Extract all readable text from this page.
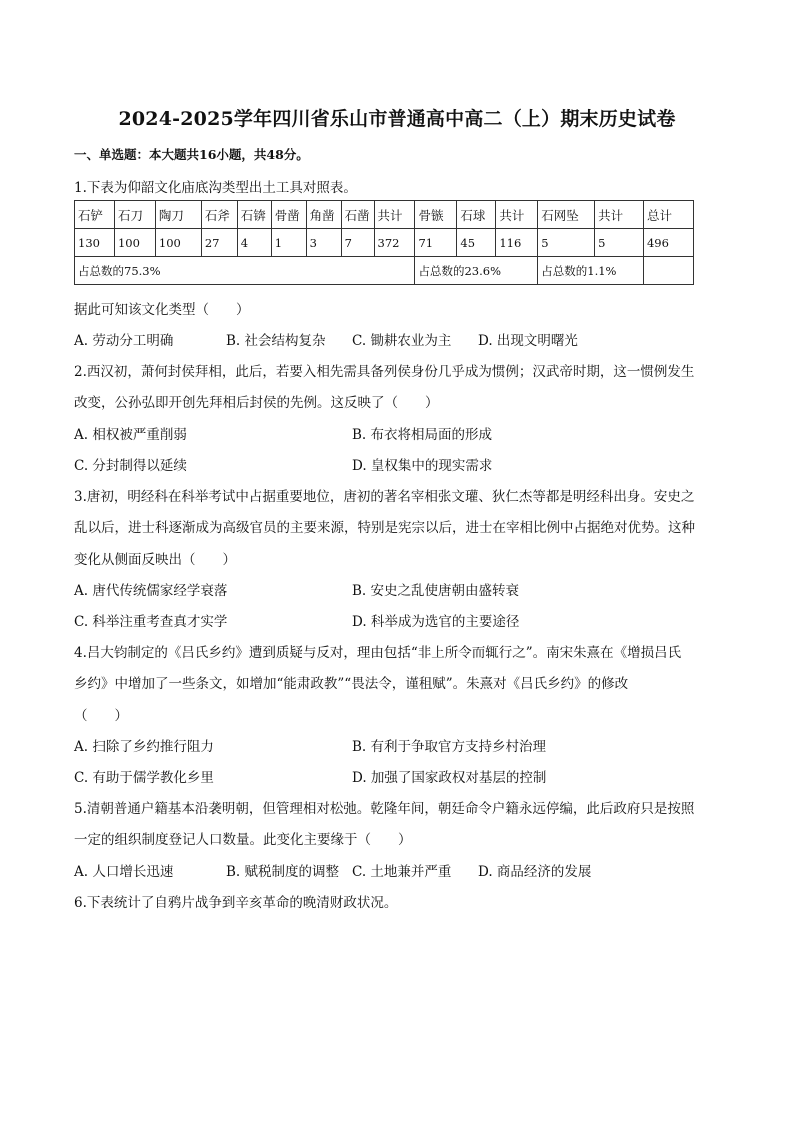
2024-2025学年四川省乐山市普通高中高二（上）期末历史试卷
一、单选题：本大题共16小题，共48分。
1.下表为仰韶文化庙底沟类型出土工具对照表。
石铲	石刀	陶刀	石斧	石锛	骨凿	角凿	石凿	共计	骨镞	石球	共计	石网坠	共计	总计
130	100	100	27	4	1	3	7	372	71	45	116	5	5	496
占总数的75.3%									占总数的23.6%			占总数的1.1%		
据此可知该文化类型（　　）
A. 劳动分工明确	B. 社会结构复杂 C. 锄耕农业为主 D. 出现文明曙光
2.西汉初，萧何封侯拜相，此后，若要入相先需具备列侯身份几乎成为惯例；汉武帝时期，这一惯例发生
改变，公孙弘即开创先拜相后封侯的先例。这反映了（　　）
A. 相权被严重削弱	B. 布衣将相局面的形成
C. 分封制得以延续	D. 皇权集中的现实需求
3.唐初，明经科在科举考试中占据重要地位，唐初的著名宰相张文瓘、狄仁杰等都是明经科出身。安史之
乱以后，进士科逐渐成为高级官员的主要来源，特别是宪宗以后，进士在宰相比例中占据绝对优势。这种
变化从侧面反映出（　　）
A. 唐代传统儒家经学衰落	B. 安史之乱使唐朝由盛转衰
C. 科举注重考查真才实学	D. 科举成为选官的主要途径
4.吕大钧制定的《吕氏乡约》遭到质疑与反对，理由包括“非上所令而辄行之”。南宋朱熹在《增损吕氏
乡约》中增加了一些条文，如增加“能肃政教”“畏法令，谨租赋”。朱熹对《吕氏乡约》的修改
（　　）
A. 扫除了乡约推行阻力	B. 有利于争取官方支持乡村治理
C. 有助于儒学教化乡里	D. 加强了国家政权对基层的控制
5.清朝普通户籍基本沿袭明朝，但管理相对松弛。乾隆年间，朝廷命令户籍永远停编，此后政府只是按照
一定的组织制度登记人口数量。此变化主要缘于（　　）
A. 人口增长迅速	B. 赋税制度的调整 C. 土地兼并严重 D. 商品经济的发展
6.下表统计了自鸦片战争到辛亥革命的晚清财政状况。
